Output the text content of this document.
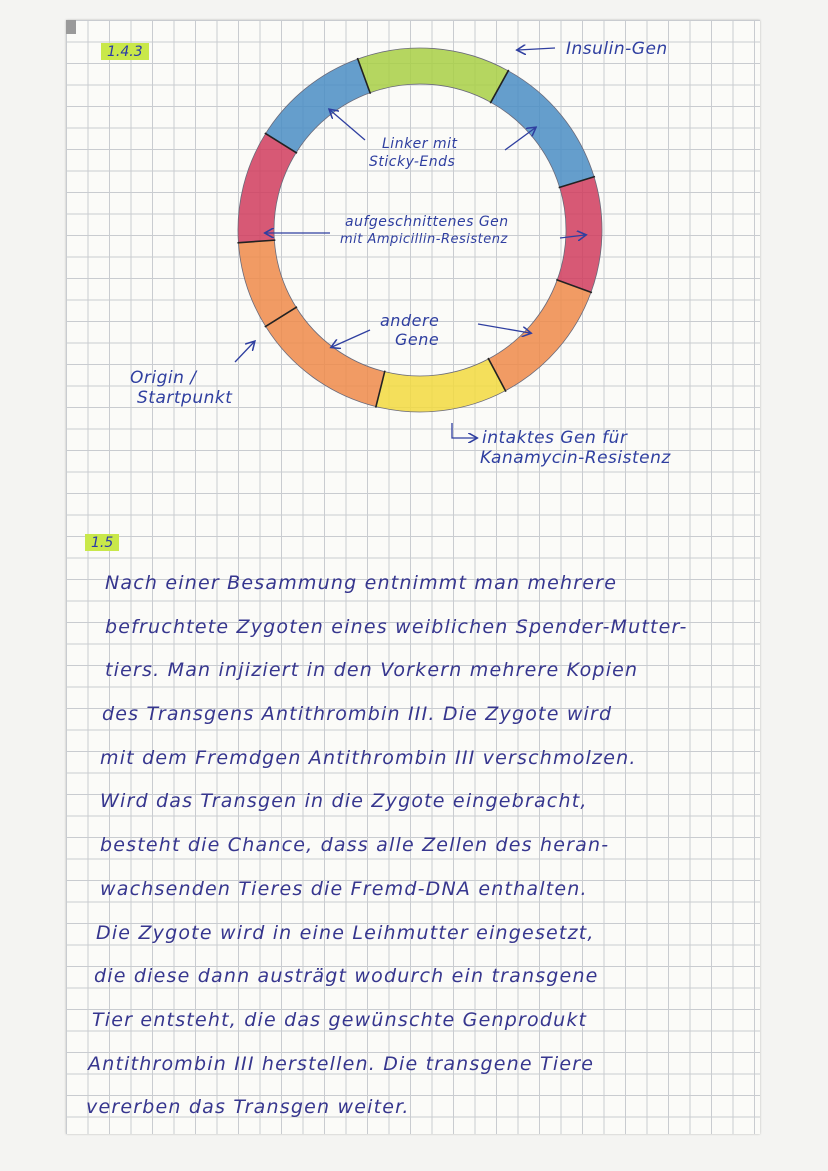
1.4.3	Insulin-Gen
Linker mit
Sticky-Ends
aufgeschnittenes Gen
mit Ampicillin-Resistenz
andere
Gene
Origin /
Startpunkt
intaktes Gen für
Kanamycin-Resistenz
1.5
Nach einer Besammung entnimmt man mehrere
befruchtete Zygoten eines weiblichen Spender-Mutter-
tiers. Man injiziert in den Vorkern mehrere Kopien
des Transgens Antithrombin III. Die Zygote wird
mit dem Fremdgen Antithrombin III verschmolzen.
Wird das Transgen in die Zygote eingebracht,
besteht die Chance, dass alle Zellen des heran-
wachsenden Tieres die Fremd-DNA enthalten.
Die Zygote wird in eine Leihmutter eingesetzt,
die diese dann austrägt wodurch ein transgene
Tier entsteht, die das gewünschte Genprodukt
Antithrombin III herstellen. Die transgene Tiere
vererben das Transgen weiter.
